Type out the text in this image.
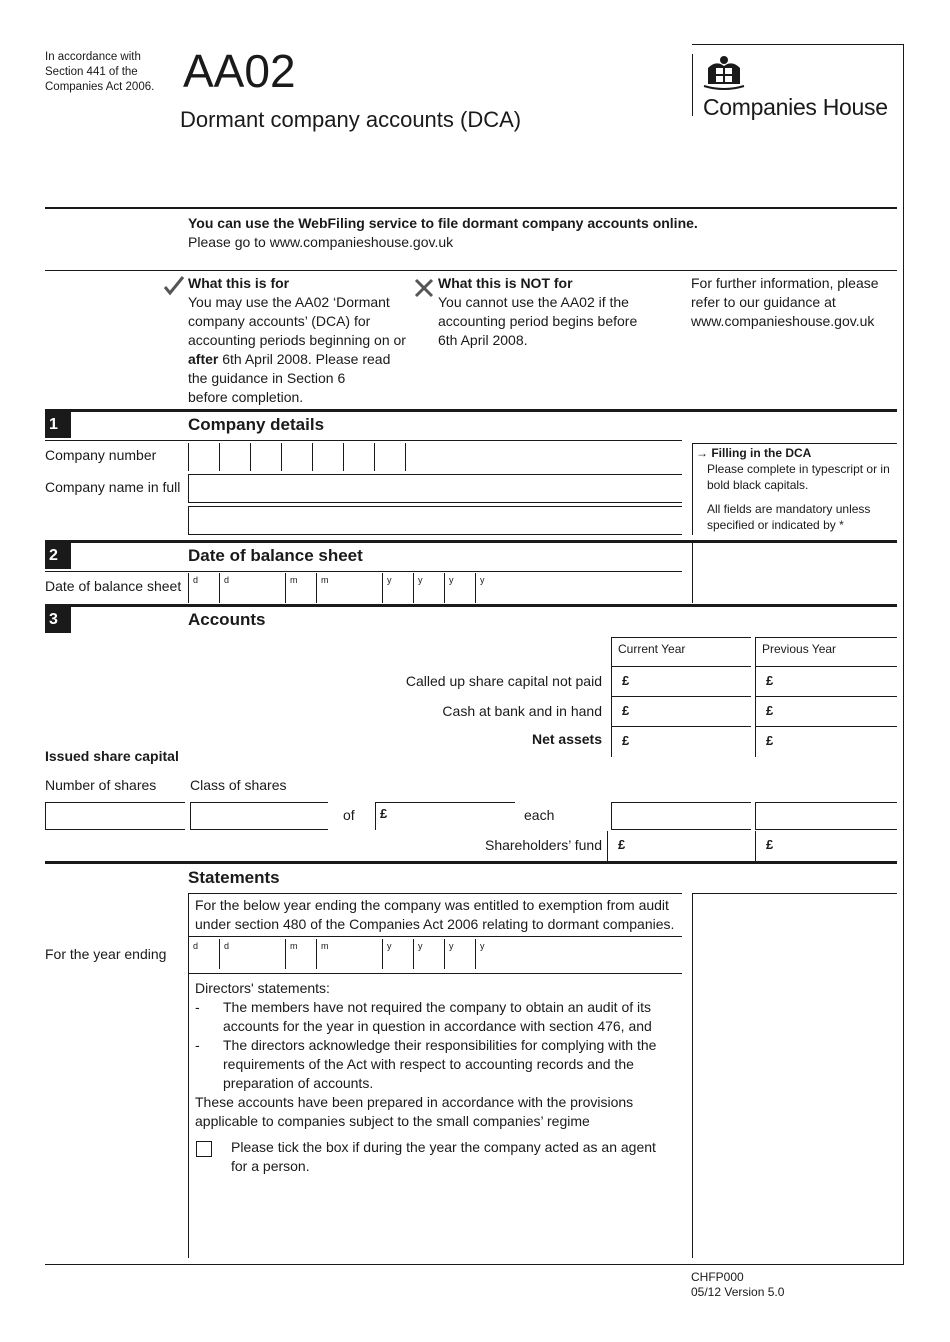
In accordance with
Section 441 of the
Companies Act 2006. AA02
Dormant company accounts (DCA)	Companies House
You can use the WebFiling service to file dormant company accounts online.
Please go to www.companieshouse.gov.uk
What this is for
You may use the AA02 ‘Dormant
company accounts’ (DCA) for
accounting periods beginning on or
after 6th April 2008. Please read
the guidance in Section 6
before completion.
What this is NOT for
You cannot use the AA02 if the
accounting period begins before
6th April 2008.
For further information, please
refer to our guidance at
www.companieshouse.gov.uk
1	Company details
Company number
Company name in full
→ Filling in the DCA
Please complete in typescript or in
bold black capitals.
All fields are mandatory unless
specified or indicated by *
2	Date of balance sheet
Date of balance sheet d	d	m	m	y	y	y	y
3	Accounts
Current Year	Previous Year
Called up share capital not paid	£	£
Cash at bank and in hand	£	£
Net assets	£	£
Issued share capital
Number of shares Class of shares
of	£	each
Shareholders’ fund	£	£
Statements
For the below year ending the company was entitled to exemption from audit
under section 480 of the Companies Act 2006 relating to dormant companies.
For the year ending	d	d	m	m	y	y	y	y
Directors' statements:
- The members have not required the company to obtain an audit of its
accounts for the year in question in accordance with section 476, and
- The directors acknowledge their responsibilities for complying with the
requirements of the Act with respect to accounting records and the
preparation of accounts.
These accounts have been prepared in accordance with the provisions
applicable to companies subject to the small companies’ regime
Please tick the box if during the year the company acted as an agent
for a person.
CHFP000
05/12 Version 5.0
